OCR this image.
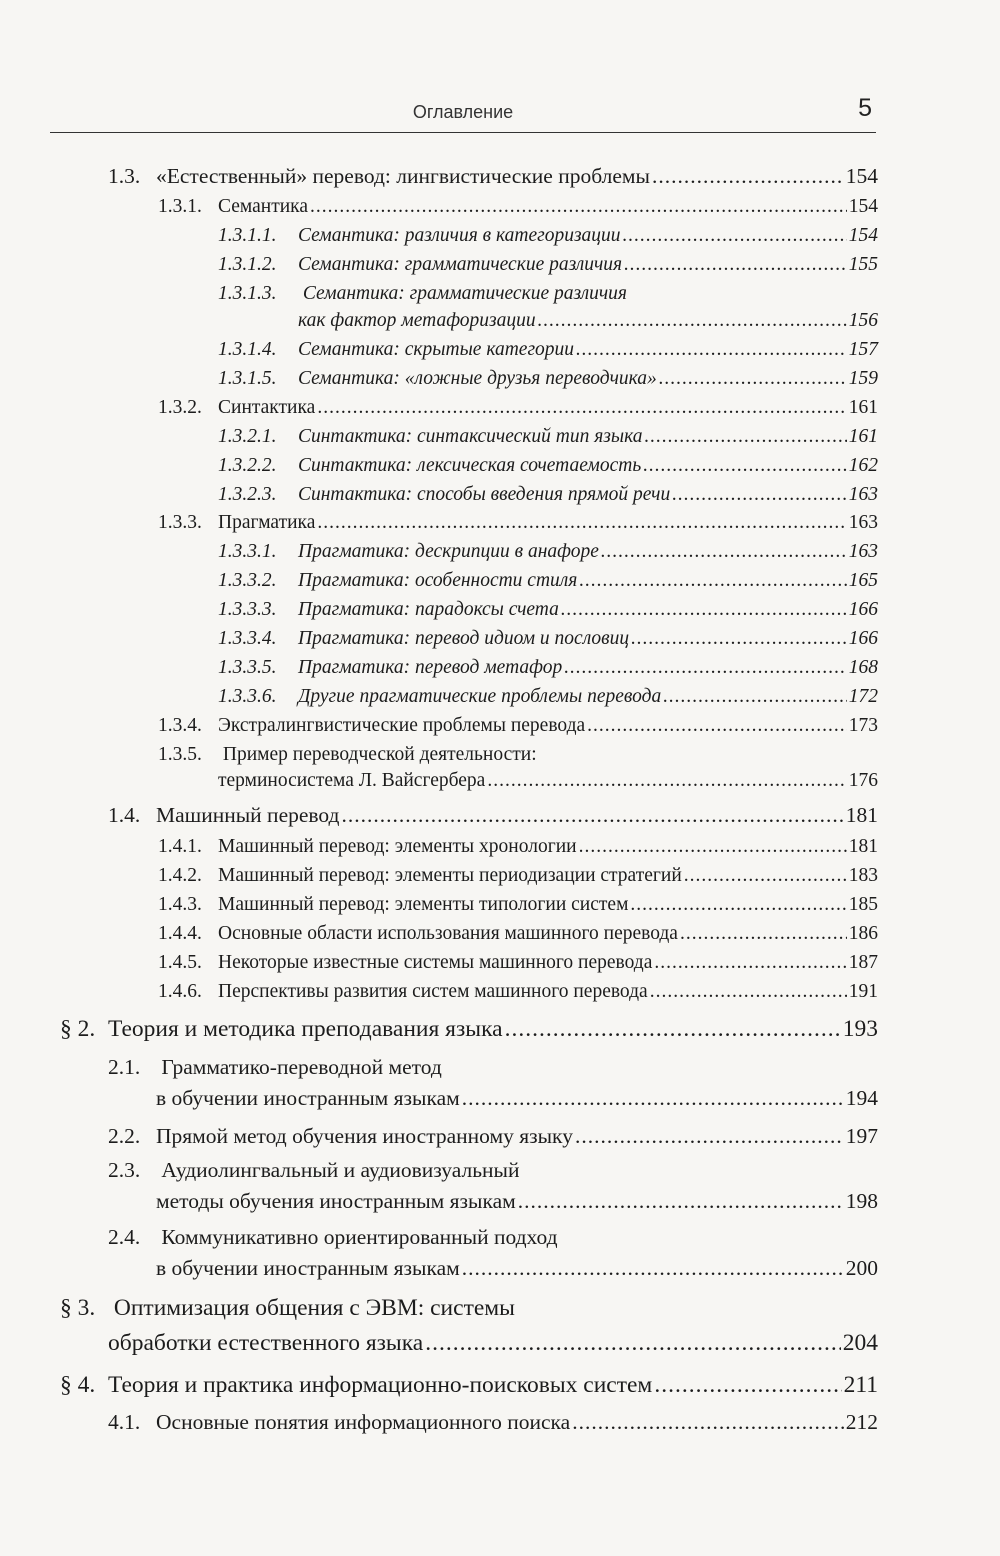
Оглавление	5
1.3. «Естественный» перевод: лингвистические проблемы .....	154
1.3.1. Семантика .....	154
1.3.1.1.	Семантика: различия в категоризации .....	154
1.3.1.2.	Семантика: грамматические различия .....	155
1.3.1.3. Семантика: грамматические различия
как фактор метафоризации .....	156
1.3.1.4.	Семантика: скрытые категории .....	157
1.3.1.5.	Семантика: «ложные друзья переводчика» .....	159
1.3.2. Синтактика .....	161
1.3.2.1.	Синтактика: синтаксический тип языка .....	161
1.3.2.2.	Синтактика: лексическая сочетаемость .....	162
1.3.2.3.	Синтактика: способы введения прямой речи .....	163
1.3.3. Прагматика .....	163
1.3.3.1.	Прагматика: дескрипции в анафоре .....	163
1.3.3.2.	Прагматика: особенности стиля .....	165
1.3.3.3.	Прагматика: парадоксы счета .....	166
1.3.3.4.	Прагматика: перевод идиом и пословиц .....	166
1.3.3.5.	Прагматика: перевод метафор .....	168
1.3.3.6.	Другие прагматические проблемы перевода .....	172
1.3.4. Экстралингвистические проблемы перевода .....	173
1.3.5. Пример переводческой деятельности:
терминосистема Л. Вайсгербера .....	176
1.4. Машинный перевод .....	181
1.4.1. Машинный перевод: элементы хронологии .....	181
1.4.2. Машинный перевод: элементы периодизации стратегий .....	183
1.4.3. Машинный перевод: элементы типологии систем .....	185
1.4.4. Основные области использования машинного перевода .....	186
1.4.5. Некоторые известные системы машинного перевода .....	187
1.4.6. Перспективы развития систем машинного перевода .....	191
§ 2. Теория и методика преподавания языка .....	193
2.1. Грамматико-переводной метод
в обучении иностранным языкам .....	194
2.2. Прямой метод обучения иностранному языку .....	197
2.3. Аудиолингвальный и аудиовизуальный
методы обучения иностранным языкам .....	198
2.4. Коммуникативно ориентированный подход
в обучении иностранным языкам .....	200
§ 3. Оптимизация общения с ЭВМ: системы
обработки естественного языка .....	204
§ 4. Теория и практика информационно-поисковых систем .....	211
4.1. Основные понятия информационного поиска .....	212
